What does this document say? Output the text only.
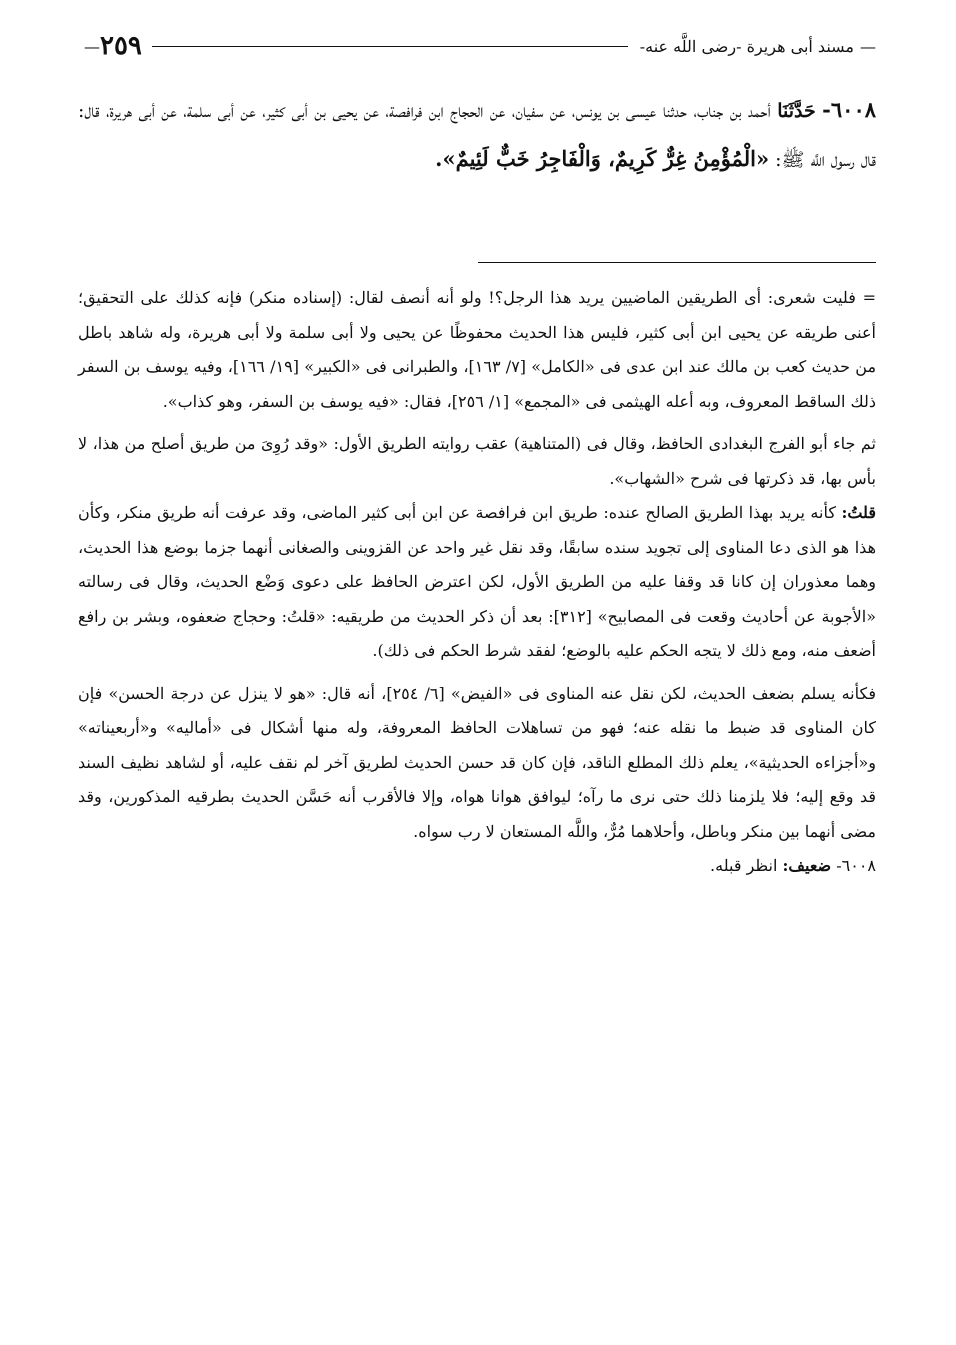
—
مسند أبى هريرة -رضى اللَّه عنه-
٢٥٩
—
٦٠٠٨- حَدَّثَنَا أحمد بن جناب، حدثنا عيسى بن يونس، عن سفيان، عن الحجاج ابن فرافصة، عن يحيى بن أبى كثير، عن أبى سلمة، عن أبى هريرة، قال: قال رسول اللَّه ﷺ: «الْمُؤْمِنُ غِرٌّ كَرِيمٌ، وَالْفَاجِرُ خَبٌّ لَئِيمٌ».

= فليت شعرى: أى الطريقين الماضيين يريد هذا الرجل؟! ولو أنه أنصف لقال: (إسناده منكر) فإنه كذلك على التحقيق؛ أعنى طريقه عن يحيى ابن أبى كثير، فليس هذا الحديث محفوظًا عن يحيى ولا أبى سلمة ولا أبى هريرة، وله شاهد باطل من حديث كعب بن مالك عند ابن عدى فى «الكامل» [٧/ ١٦٣]، والطبرانى فى «الكبير» [١٩/ ١٦٦]، وفيه يوسف بن السفر ذلك الساقط المعروف، وبه أعله الهيثمى فى «المجمع» [١/ ٢٥٦]، فقال: «فيه يوسف بن السفر، وهو كذاب».

ثم جاء أبو الفرج البغدادى الحافظ، وقال فى (المتناهية) عقب روايته الطريق الأول: «وقد رُوِىَ من طريق أصلح من هذا، لا بأس بها، قد ذكرتها فى شرح «الشهاب».

قلتُ: كأنه يريد بهذا الطريق الصالح عنده: طريق ابن فرافصة عن ابن أبى كثير الماضى، وقد عرفت أنه طريق منكر، وكأن هذا هو الذى دعا المناوى إلى تجويد سنده سابقًا، وقد نقل غير واحد عن القزوينى والصغانى أنهما جزما بوضع هذا الحديث، وهما معذوران إن كانا قد وقفا عليه من الطريق الأول، لكن اعترض الحافظ على دعوى وَضْع الحديث، وقال فى رسالته «الأجوبة عن أحاديث وقعت فى المصابيح» [٣١٢]: بعد أن ذكر الحديث من طريقيه: «قلتُ: وحجاج ضعفوه، وبشر بن رافع أضعف منه، ومع ذلك لا يتجه الحكم عليه بالوضع؛ لفقد شرط الحكم فى ذلك).

فكأنه يسلم بضعف الحديث، لكن نقل عنه المناوى فى «الفيض» [٦/ ٢٥٤]، أنه قال: «هو لا ينزل عن درجة الحسن» فإن كان المناوى قد ضبط ما نقله عنه؛ فهو من تساهلات الحافظ المعروفة، وله منها أشكال فى «أماليه» و«أربعيناته» و«أجزاءه الحديثية»، يعلم ذلك المطلع الناقد، فإن كان قد حسن الحديث لطريق آخر لم نقف عليه، أو لشاهد نظيف السند قد وقع إليه؛ فلا يلزمنا ذلك حتى نرى ما رآه؛ ليوافق هوانا هواه، وإلا فالأقرب أنه حَسَّن الحديث بطرقيه المذكورين، وقد مضى أنهما بين منكر وباطل، وأحلاهما مُرٌّ، واللَّه المستعان لا رب سواه.

٦٠٠٨- ضعيف: انظر قبله.
